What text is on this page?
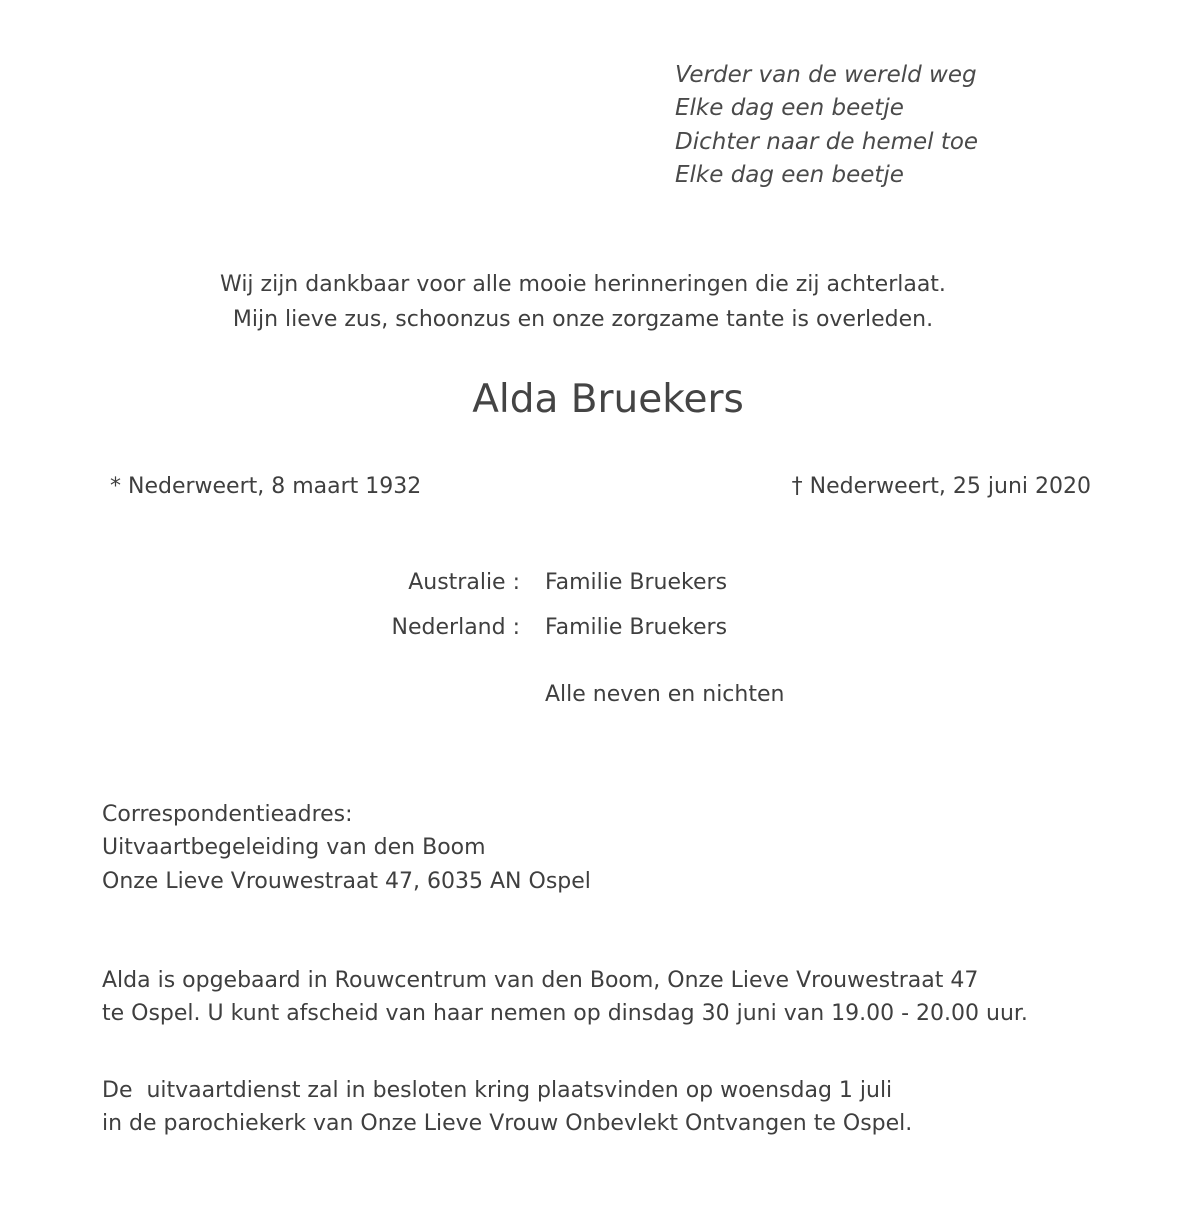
Verder van de wereld weg
Elke dag een beetje
Dichter naar de hemel toe
Elke dag een beetje
Wij zijn dankbaar voor alle mooie herinneringen die zij achterlaat.
Mijn lieve zus, schoonzus en onze zorgzame tante is overleden.
Alda Bruekers
* Nederweert, 8 maart 1932	† Nederweert, 25 juni 2020
Australie : Familie Bruekers
Nederland : Familie Bruekers
Alle neven en nichten
Correspondentieadres:
Uitvaartbegeleiding van den Boom
Onze Lieve Vrouwestraat 47, 6035 AN Ospel
Alda is opgebaard in Rouwcentrum van den Boom, Onze Lieve Vrouwestraat 47
te Ospel. U kunt afscheid van haar nemen op dinsdag 30 juni van 19.00 - 20.00 uur.
De  uitvaartdienst zal in besloten kring plaatsvinden op woensdag 1 juli
in de parochiekerk van Onze Lieve Vrouw Onbevlekt Ontvangen te Ospel.
